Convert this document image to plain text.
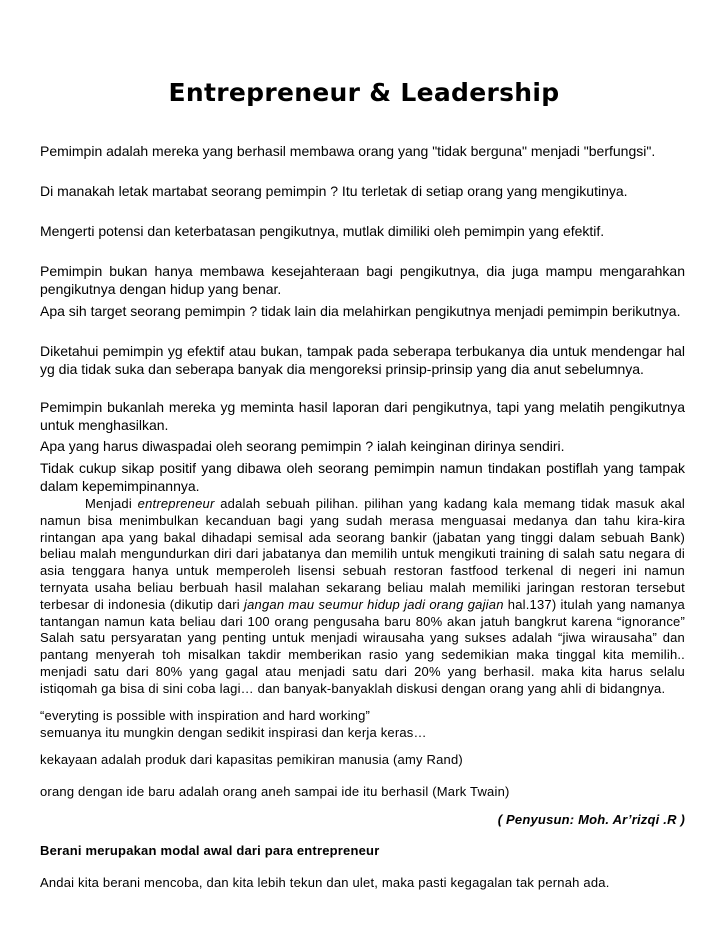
Entrepreneur & Leadership
Pemimpin adalah mereka yang berhasil membawa orang yang "tidak berguna" menjadi "berfungsi".
Di manakah letak martabat seorang pemimpin ? Itu terletak di setiap orang yang mengikutinya.
Mengerti potensi dan keterbatasan pengikutnya, mutlak dimiliki oleh pemimpin yang efektif.
Pemimpin bukan hanya membawa kesejahteraan bagi pengikutnya, dia juga mampu mengarahkan pengikutnya dengan hidup yang benar.
Apa sih target seorang pemimpin ? tidak lain dia melahirkan pengikutnya menjadi pemimpin berikutnya.
Diketahui pemimpin yg efektif atau bukan, tampak pada seberapa terbukanya dia untuk mendengar hal yg dia tidak suka dan seberapa banyak dia mengoreksi prinsip-prinsip yang dia anut sebelumnya.
Pemimpin bukanlah mereka yg meminta hasil laporan dari pengikutnya, tapi yang melatih pengikutnya untuk menghasilkan.
Apa yang harus diwaspadai oleh seorang pemimpin ? ialah keinginan dirinya sendiri.
Tidak cukup sikap positif yang dibawa oleh seorang pemimpin namun tindakan postiflah yang tampak dalam kepemimpinannya.
Menjadi entrepreneur adalah sebuah pilihan. pilihan yang kadang kala memang tidak masuk akal namun bisa menimbulkan kecanduan bagi yang sudah merasa menguasai medanya dan tahu kira-kira rintangan apa yang bakal dihadapi semisal ada seorang bankir (jabatan yang tinggi dalam sebuah Bank) beliau malah mengundurkan diri dari jabatanya dan memilih untuk mengikuti training di salah satu negara di asia tenggara hanya untuk memperoleh lisensi sebuah restoran fastfood terkenal di negeri ini namun ternyata usaha beliau berbuah hasil malahan sekarang beliau malah memiliki jaringan restoran tersebut terbesar di indonesia (dikutip dari jangan mau seumur hidup jadi orang gajian hal.137) itulah yang namanya tantangan namun kata beliau dari 100 orang pengusaha baru 80% akan jatuh bangkrut karena “ignorance” Salah satu persyaratan yang penting untuk menjadi wirausaha yang sukses adalah “jiwa wirausaha” dan pantang menyerah toh misalkan takdir memberikan rasio yang sedemikian maka tinggal kita memilih.. menjadi satu dari 80% yang gagal atau menjadi satu dari 20% yang berhasil. maka kita harus selalu istiqomah ga bisa di sini coba lagi… dan banyak-banyaklah diskusi dengan orang yang ahli di bidangnya.
“everyting is possible with inspiration and hard working”
semuanya itu mungkin dengan sedikit inspirasi dan kerja keras…
kekayaan adalah produk dari kapasitas pemikiran manusia (amy Rand)
orang dengan ide baru adalah orang aneh sampai ide itu berhasil (Mark Twain)
( Penyusun: Moh. Ar’rizqi .R )
Berani merupakan modal awal dari para entrepreneur
Andai kita berani mencoba, dan kita lebih tekun dan ulet, maka pasti kegagalan tak pernah ada.
